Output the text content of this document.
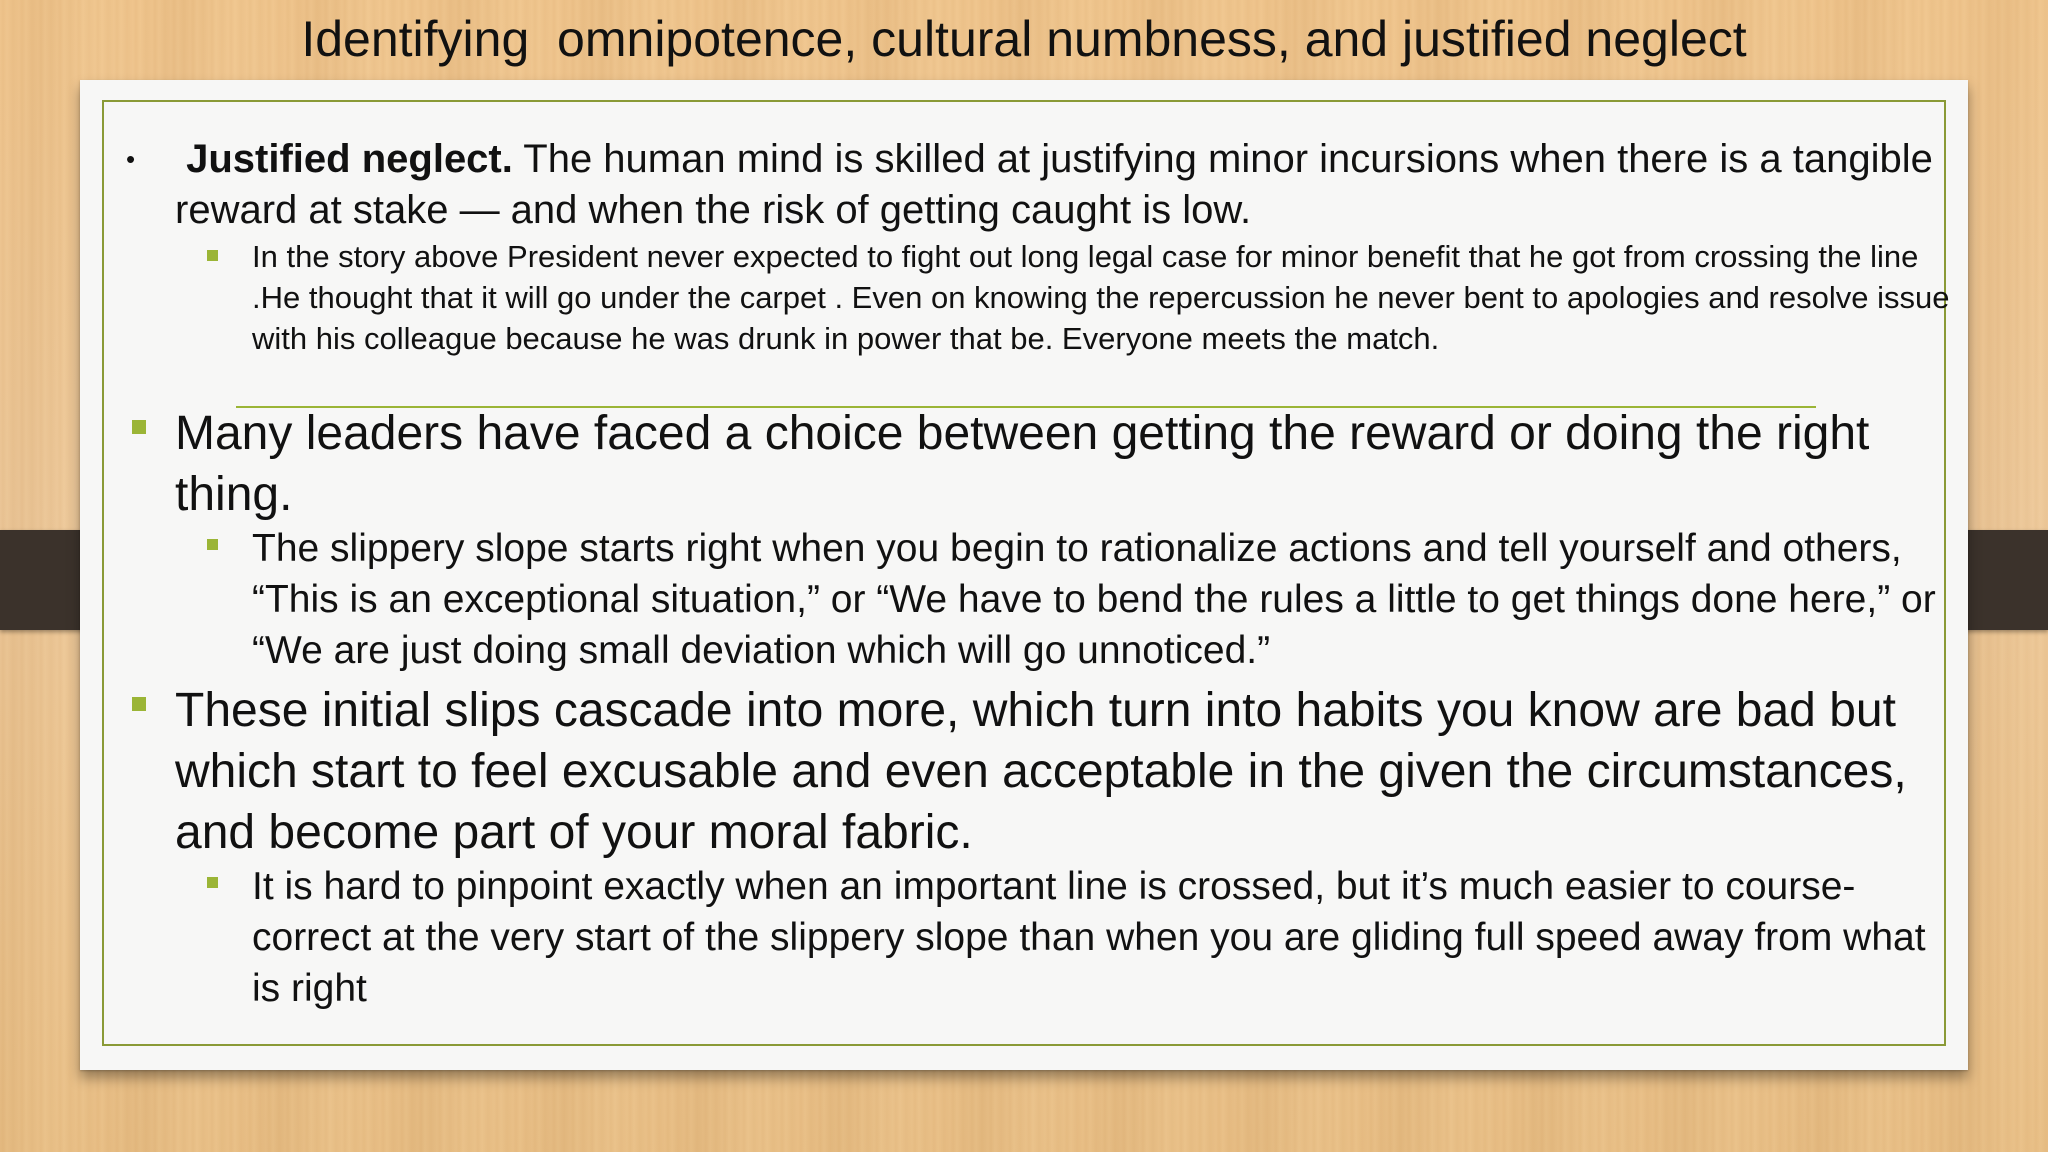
Identifying  omnipotence, cultural numbness, and justified neglect
• Justified neglect. The human mind is skilled at justifying minor incursions when there is a tangible reward at stake — and when the risk of getting caught is low.
In the story above President never expected to fight out long legal case for minor benefit that he got from crossing the line .He thought that it will go under the carpet . Even on knowing the repercussion he never bent to apologies and resolve issue with his colleague because he was drunk in power that be. Everyone meets the match.
Many leaders have faced a choice between getting the reward or doing the right thing.
The slippery slope starts right when you begin to rationalize actions and tell yourself and others, “This is an exceptional situation,” or “We have to bend the rules a little to get things done here,” or “We are just doing small deviation which will go unnoticed.”
These initial slips cascade into more, which turn into habits you know are bad but which start to feel excusable and even acceptable in the given the circumstances, and become part of your moral fabric.
It is hard to pinpoint exactly when an important line is crossed, but it’s much easier to course-correct at the very start of the slippery slope than when you are gliding full speed away from what is right
